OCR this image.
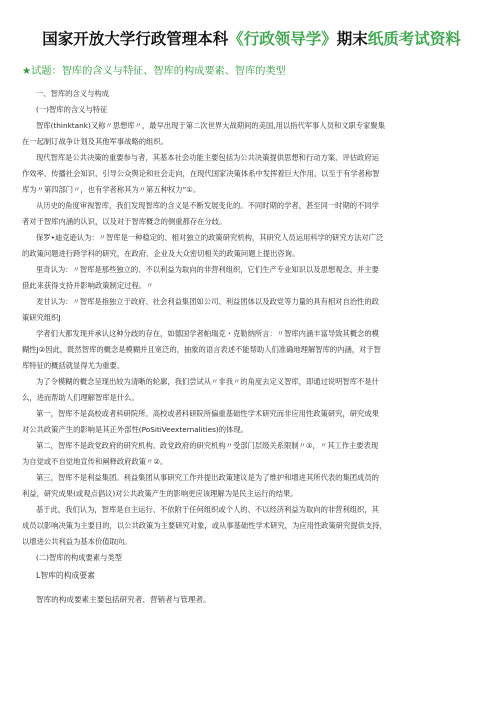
国家开放大学行政管理本科《行政领导学》期末纸质考试资料

★试题：智库的含义与特征、智库的构成要素、智库的类型

一、智库的含义与构成

(一)智库的含义与特征

智库(thinktank)又称〃思想库〃，最早出现于第二次世界大战期间的美国,用以指代军事人员和文职专家聚集

在一起制订战争计划及其他军事战略的组织。

现代智库是公共决策的重要参与者，其基本社会功能主要包括为公共决策提供思想和行动方案、评估政府运

作效率、传播社会知识、引导公众舆论和社会走向，在现代国家决策体系中发挥着巨大作用，以至于有学者称智

库为〃第四部门〃，也有学者称其为〃第五种权力”①。

从历史的角度审视智库，我们发现智库的含义是不断发展变化的。不同时期的学者，甚至同一时期的不同学

者对于智库内涵的认识，以及对于智库概念的侧重都存在分歧。

保罗•迪克逊认为：〃智库是一种稳定的、相对独立的政策研究机构，其研究人员运用科学的研究方法对广泛

的政策问题进行跨学科的研究，在政府、企业及大众密切相关的政策问题上提出咨询。

里奇认为：〃智库是那些独立的、不以利益为取向的非营利组织，它们生产专业知识以及思想观念，并主要

借此来获得支持并影响政策制定过程。〃

麦甘认为：〃智库是指独立于政府、社会利益集团如公司、利益团体以及政党等力量的具有相对自治性的政

策研究组织J

学者们大都发现并承认这种分歧的存在，如德国学者帕瑞克・克勒纳所言：〃智库内涵丰富导致其概念的模

糊性J②因此，既然智库的概念是模糊并且宽泛的，抽象的语言表述不能帮助人们准确地理解智库的内涵，对于智

库特征的概括就显得尤为重要。

为了令模糊的概念呈现出较为清晰的轮廓，我们尝试从〃非我〃的角度去定义智库，即通过说明智库不是什

么，进而帮助人们理解智库是什么。

第一，智库不是高校或者科研院所。高校或者科研院所偏重基础性学术研究而非应用性政策研究，研究成果

对公共政策产生的影响是其正外部性(PoSitiVeexternalities)的体现。

第二，智库不是政党政府的研究机构。政党政府的研究机构〃受部门层级关系限制〃①，〃其工作主要表现

为自觉或不自觉地宣传和阐释政府政策〃②。

第三，智库不是利益集团。利益集团从事研究工作并提出政策建议是为了维护和增进其所代表的集团成员的

利益，研究成果(或观点倡议)对公共政策产生的影响更应该理解为是民主运行的结果。

基于此，我们认为，智库是自主运行、不依附于任何组织或个人的、不以经济利益为取向的非营利组织，其

成员以影响决策为主要目的，以公共政策为主要研究对象，或从事基础性学术研究，为应用性政策研究提供支持，

以增进公共利益为基本价值取向。

(二)智库的构成要素与类型

L智库的构成要素

智库的构成要素主要包括研究者、营销者与管理者。
